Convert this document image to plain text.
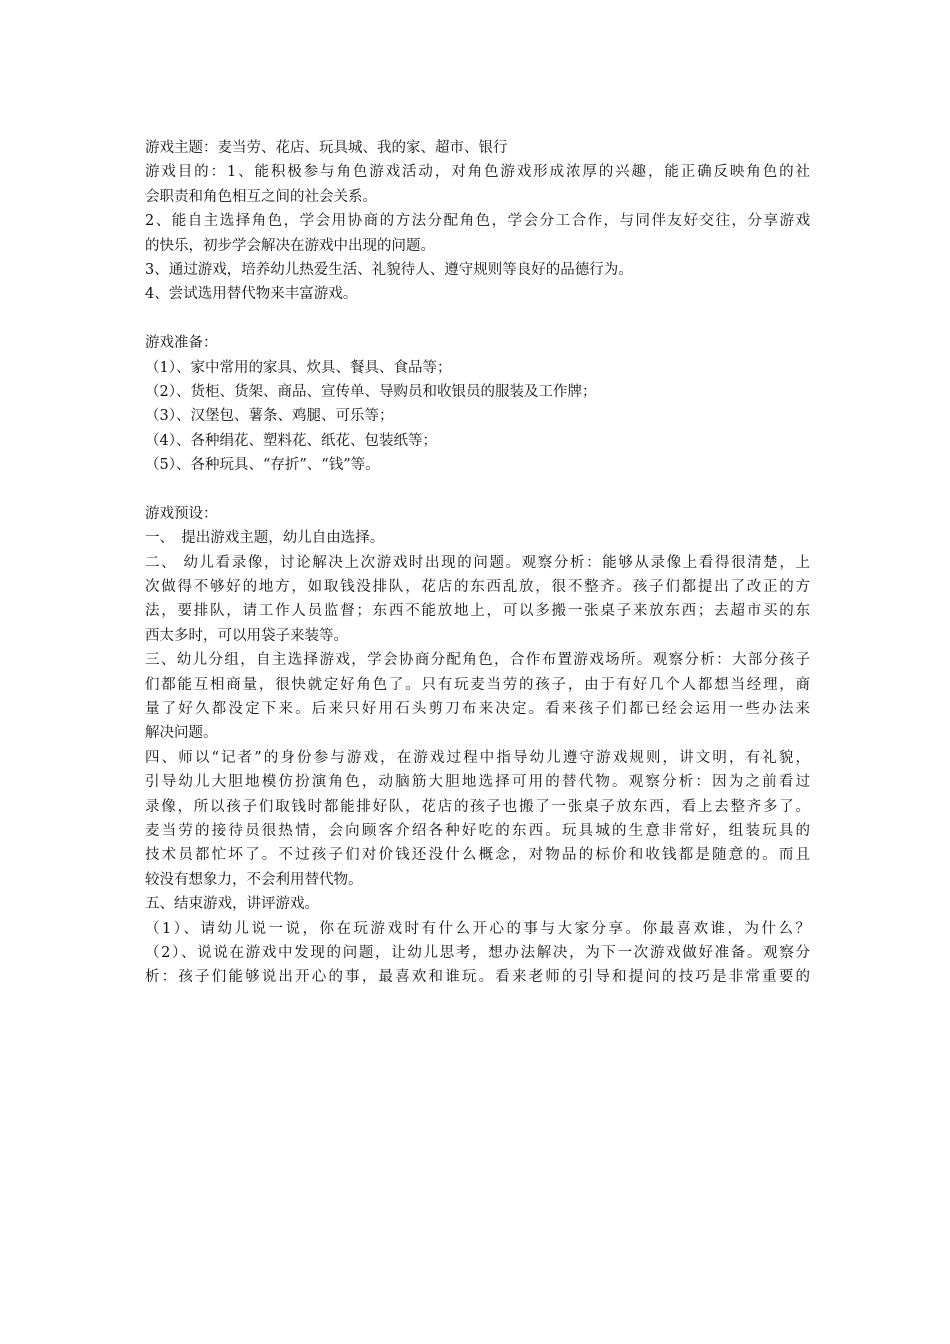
游戏主题：麦当劳、花店、玩具城、我的家、超市、银行
游戏目的：1、能积极参与角色游戏活动，对角色游戏形成浓厚的兴趣，能正确反映角色的社
会职责和角色相互之间的社会关系。
2、能自主选择角色，学会用协商的方法分配角色，学会分工合作，与同伴友好交往，分享游戏
的快乐，初步学会解决在游戏中出现的问题。
3、通过游戏，培养幼儿热爱生活、礼貌待人、遵守规则等良好的品德行为。
4、尝试选用替代物来丰富游戏。
游戏准备：
（1）、家中常用的家具、炊具、餐具、食品等；
（2）、货柜、货架、商品、宣传单、导购员和收银员的服装及工作牌；
（3）、汉堡包、薯条、鸡腿、可乐等；
（4）、各种绢花、塑料花、纸花、包装纸等；
（5）、各种玩具、“存折”、“钱”等。
游戏预设：
一、　提出游戏主题，幼儿自由选择。
二、 幼儿看录像，讨论解决上次游戏时出现的问题。观察分析：能够从录像上看得很清楚，上
次做得不够好的地方，如取钱没排队，花店的东西乱放，很不整齐。孩子们都提出了改正的方
法，要排队，请工作人员监督；东西不能放地上，可以多搬一张桌子来放东西；去超市买的东
西太多时，可以用袋子来装等。
三、幼儿分组，自主选择游戏，学会协商分配角色，合作布置游戏场所。观察分析：大部分孩子
们都能互相商量，很快就定好角色了。只有玩麦当劳的孩子，由于有好几个人都想当经理，商
量了好久都没定下来。后来只好用石头剪刀布来决定。看来孩子们都已经会运用一些办法来
解决问题。
四、师以“记者”的身份参与游戏，在游戏过程中指导幼儿遵守游戏规则，讲文明，有礼貌，
引导幼儿大胆地模仿扮演角色，动脑筋大胆地选择可用的替代物。观察分析：因为之前看过
录像，所以孩子们取钱时都能排好队，花店的孩子也搬了一张桌子放东西，看上去整齐多了。
麦当劳的接待员很热情，会向顾客介绍各种好吃的东西。玩具城的生意非常好，组装玩具的
技术员都忙坏了。不过孩子们对价钱还没什么概念，对物品的标价和收钱都是随意的。而且
较没有想象力，不会利用替代物。
五、结束游戏，讲评游戏。
（1）、请幼儿说一说，你在玩游戏时有什么开心的事与大家分享。你最喜欢谁，为什么？
（2）、说说在游戏中发现的问题，让幼儿思考，想办法解决，为下一次游戏做好准备。观察分
析：孩子们能够说出开心的事，最喜欢和谁玩。看来老师的引导和提问的技巧是非常重要的
